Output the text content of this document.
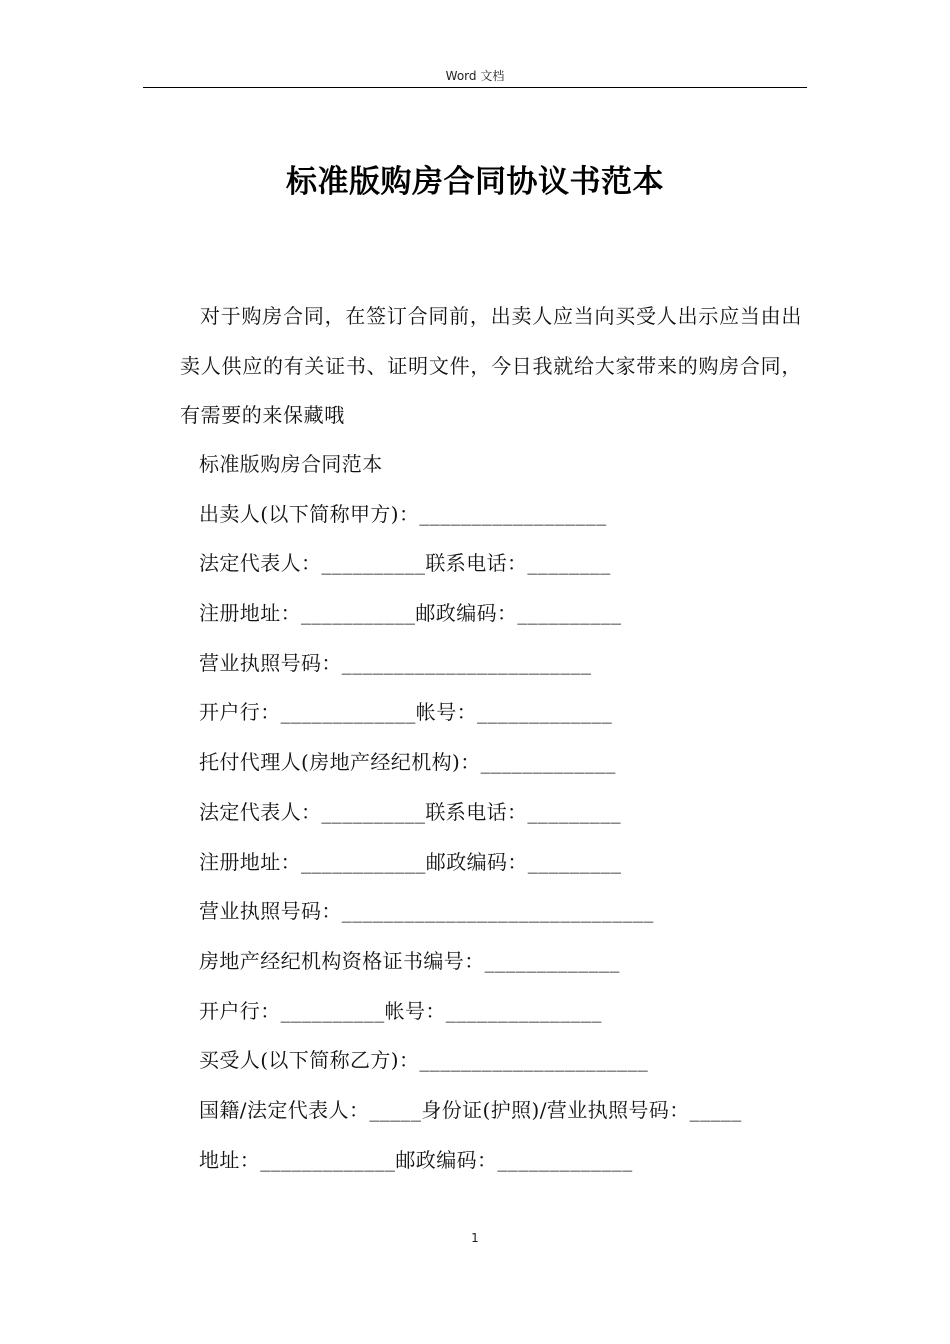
Word 文档
标准版购房合同协议书范本
对于购房合同，在签订合同前，出卖人应当向买受人出示应当由出卖人供应的有关证书、证明文件，今日我就给大家带来的购房合同，有需要的来保藏哦
标准版购房合同范本
出卖人(以下简称甲方)：__________________
法定代表人：__________联系电话：________
注册地址：___________邮政编码：__________
营业执照号码：________________________
开户行：_____________帐号：_____________
托付代理人(房地产经纪机构)：_____________
法定代表人：__________联系电话：_________
注册地址：____________邮政编码：_________
营业执照号码：______________________________
房地产经纪机构资格证书编号：_____________
开户行：__________帐号：_______________
买受人(以下简称乙方)：______________________
国籍/法定代表人：_____身份证(护照)/营业执照号码：_____
地址：_____________邮政编码：_____________
1
